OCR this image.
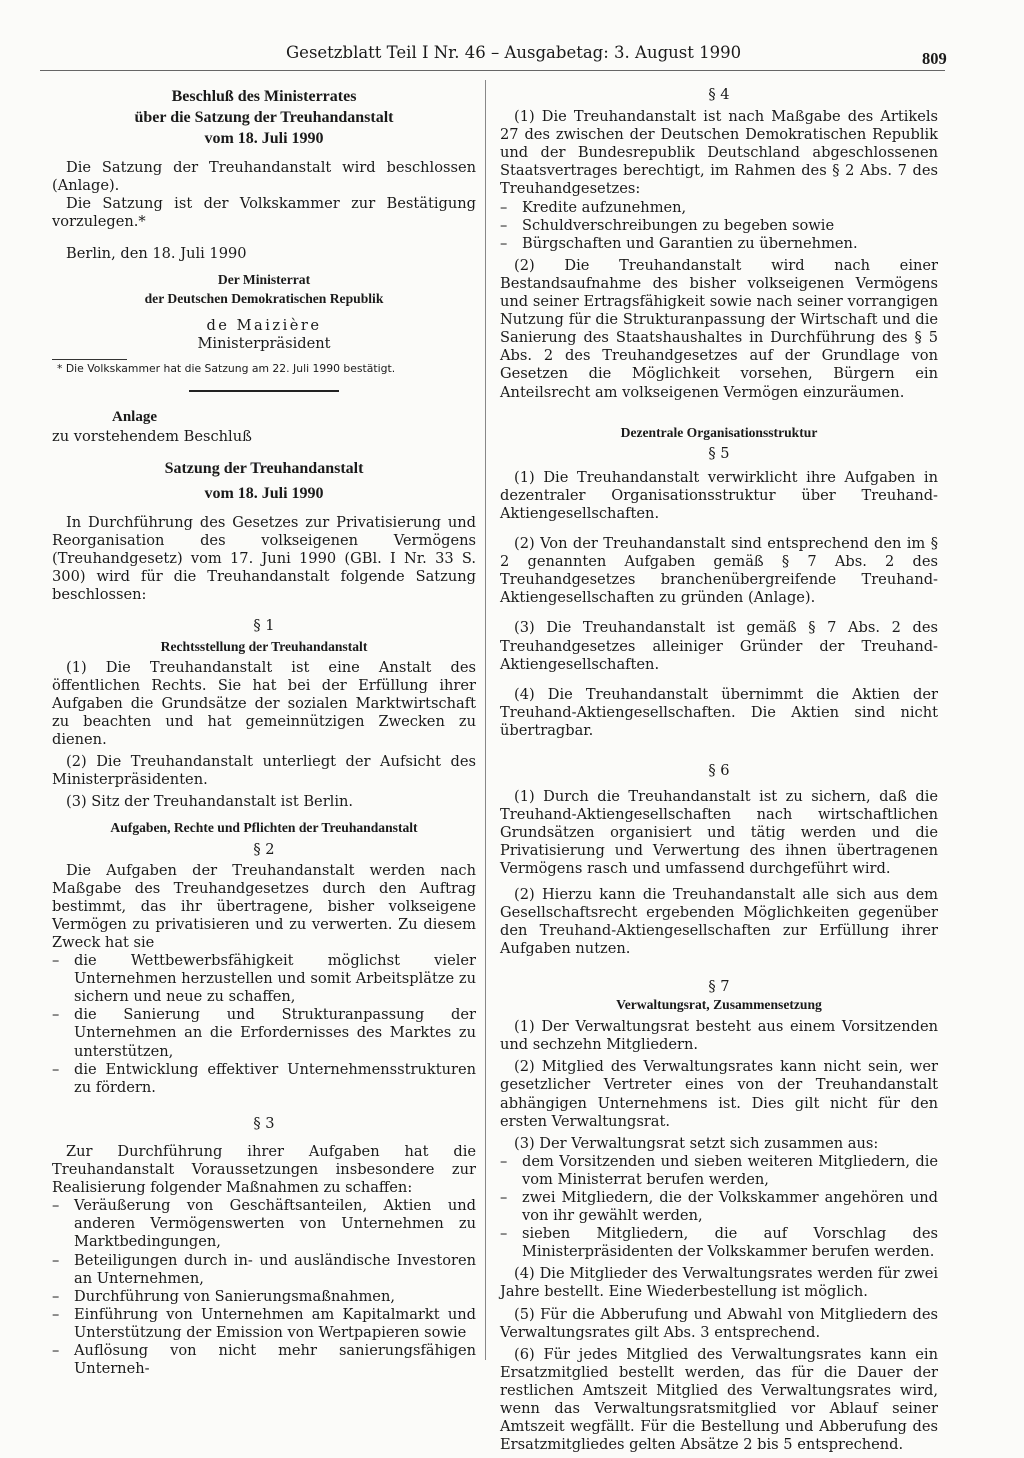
Gesetzblatt Teil I Nr. 46 – Ausgabetag: 3. August 1990	809
Beschluß des Ministerrates
über die Satzung der Treuhandanstalt
vom 18. Juli 1990

Die Satzung der Treuhandanstalt wird beschlossen (Anlage).

Die Satzung ist der Volkskammer zur Bestätigung vorzulegen.*

Berlin, den 18. Juli 1990

Der Ministerrat

der Deutschen Demokratischen Republik

de Maizière

Ministerpräsident

* Die Volkskammer hat die Satzung am 22. Juli 1990 bestätigt.

Anlage

zu vorstehendem Beschluß

Satzung der Treuhandanstalt

vom 18. Juli 1990

In Durchführung des Gesetzes zur Privatisierung und Reorganisation des volkseigenen Vermögens (Treuhandgesetz) vom 17. Juni 1990 (GBl. I Nr. 33 S. 300) wird für die Treuhandanstalt folgende Satzung beschlossen:

§ 1

Rechtsstellung der Treuhandanstalt

(1) Die Treuhandanstalt ist eine Anstalt des öffentlichen Rechts. Sie hat bei der Erfüllung ihrer Aufgaben die Grundsätze der sozialen Marktwirtschaft zu beachten und hat gemeinnützigen Zwecken zu dienen.

(2) Die Treuhandanstalt unterliegt der Aufsicht des Ministerpräsidenten.

(3) Sitz der Treuhandanstalt ist Berlin.

Aufgaben, Rechte und Pflichten der Treuhandanstalt

§ 2

Die Aufgaben der Treuhandanstalt werden nach Maßgabe des Treuhandgesetzes durch den Auftrag bestimmt, das ihr übertragene, bisher volkseigene Vermögen zu privatisieren und zu verwerten. Zu diesem Zweck hat sie

–	die Wettbewerbsfähigkeit möglichst vieler Unternehmen herzustellen und somit Arbeitsplätze zu sichern und neue zu schaffen,
–	die Sanierung und Strukturanpassung der Unternehmen an die Erfordernisses des Marktes zu unterstützen,
–	die Entwicklung effektiver Unternehmensstrukturen zu fördern.

§ 3

Zur Durchführung ihrer Aufgaben hat die Treuhandanstalt Voraussetzungen insbesondere zur Realisierung folgender Maßnahmen zu schaffen:

–	Veräußerung von Geschäftsanteilen, Aktien und anderen Vermögenswerten von Unternehmen zu Marktbedingungen,
–	Beteiligungen durch in- und ausländische Investoren an Unternehmen,
–	Durchführung von Sanierungsmaßnahmen,
–	Einführung von Unternehmen am Kapitalmarkt und Unterstützung der Emission von Wertpapieren sowie
–	Auflösung von nicht mehr sanierungsfähigen Unterneh-

§ 4

(1) Die Treuhandanstalt ist nach Maßgabe des Artikels 27 des zwischen der Deutschen Demokratischen Republik und der Bundesrepublik Deutschland abgeschlossenen Staatsvertrages berechtigt, im Rahmen des § 2 Abs. 7 des Treuhandgesetzes:

–	Kredite aufzunehmen,
–	Schuldverschreibungen zu begeben sowie
–	Bürgschaften und Garantien zu übernehmen.

(2) Die Treuhandanstalt wird nach einer Bestandsaufnahme des bisher volkseigenen Vermögens und seiner Ertragsfähigkeit sowie nach seiner vorrangigen Nutzung für die Strukturanpassung der Wirtschaft und die Sanierung des Staatshaushaltes in Durchführung des § 5 Abs. 2 des Treuhandgesetzes auf der Grundlage von Gesetzen die Möglichkeit vorsehen, Bürgern ein Anteilsrecht am volkseigenen Vermögen einzuräumen.

Dezentrale Organisationsstruktur

§ 5

(1) Die Treuhandanstalt verwirklicht ihre Aufgaben in dezentraler Organisationsstruktur über Treuhand-Aktiengesellschaften.

(2) Von der Treuhandanstalt sind entsprechend den im § 2 genannten Aufgaben gemäß § 7 Abs. 2 des Treuhandgesetzes branchenübergreifende Treuhand-Aktiengesellschaften zu gründen (Anlage).

(3) Die Treuhandanstalt ist gemäß § 7 Abs. 2 des Treuhandgesetzes alleiniger Gründer der Treuhand-Aktiengesellschaften.

(4) Die Treuhandanstalt übernimmt die Aktien der Treuhand-Aktiengesellschaften. Die Aktien sind nicht übertragbar.

§ 6

(1) Durch die Treuhandanstalt ist zu sichern, daß die Treuhand-Aktiengesellschaften nach wirtschaftlichen Grundsätzen organisiert und tätig werden und die Privatisierung und Verwertung des ihnen übertragenen Vermögens rasch und umfassend durchgeführt wird.

(2) Hierzu kann die Treuhandanstalt alle sich aus dem Gesellschaftsrecht ergebenden Möglichkeiten gegenüber den Treuhand-Aktiengesellschaften zur Erfüllung ihrer Aufgaben nutzen.

§ 7

Verwaltungsrat, Zusammensetzung

(1) Der Verwaltungsrat besteht aus einem Vorsitzenden und sechzehn Mitgliedern.

(2) Mitglied des Verwaltungsrates kann nicht sein, wer gesetzlicher Vertreter eines von der Treuhandanstalt abhängigen Unternehmens ist. Dies gilt nicht für den ersten Verwaltungsrat.

(3) Der Verwaltungsrat setzt sich zusammen aus:

–	dem Vorsitzenden und sieben weiteren Mitgliedern, die vom Ministerrat berufen werden,
–	zwei Mitgliedern, die der Volkskammer angehören und von ihr gewählt werden,
–	sieben Mitgliedern, die auf Vorschlag des Ministerpräsidenten der Volkskammer berufen werden.

(4) Die Mitglieder des Verwaltungsrates werden für zwei Jahre bestellt. Eine Wiederbestellung ist möglich.

(5) Für die Abberufung und Abwahl von Mitgliedern des Verwaltungsrates gilt Abs. 3 entsprechend.

(6) Für jedes Mitglied des Verwaltungsrates kann ein Ersatzmitglied bestellt werden, das für die Dauer der restlichen Amtszeit Mitglied des Verwaltungsrates wird, wenn das Verwaltungsratsmitglied vor Ablauf seiner Amtszeit wegfällt. Für die Bestellung und Abberufung des Ersatzmitgliedes gelten Absätze 2 bis 5 entsprechend.
